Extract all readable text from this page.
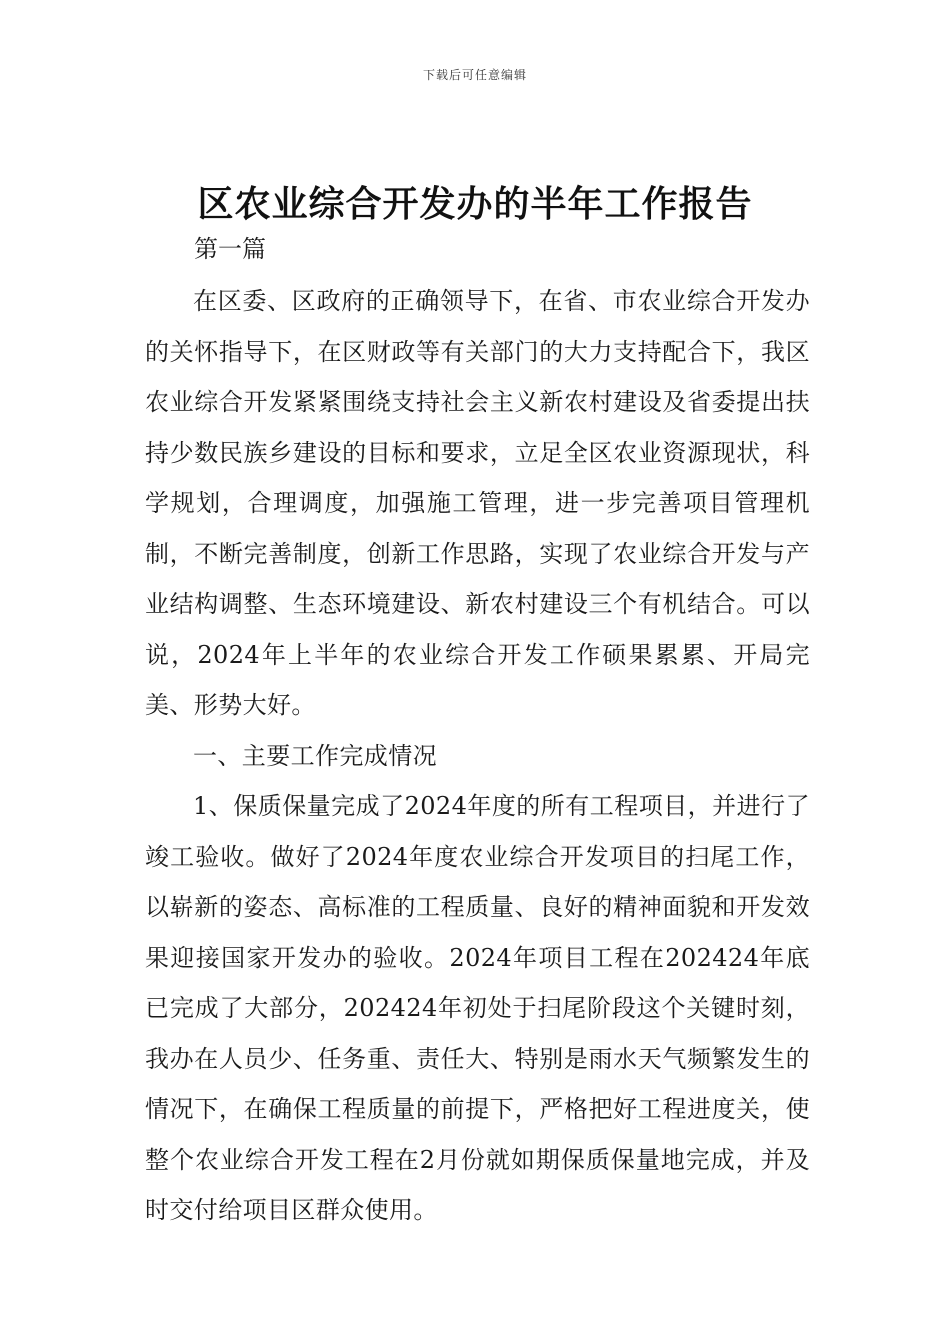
下载后可任意编辑
区农业综合开发办的半年工作报告
第一篇

在区委、区政府的正确领导下，在省、市农业综合开发办的关怀指导下，在区财政等有关部门的大力支持配合下，我区农业综合开发紧紧围绕支持社会主义新农村建设及省委提出扶持少数民族乡建设的目标和要求，立足全区农业资源现状，科学规划，合理调度，加强施工管理，进一步完善项目管理机制，不断完善制度，创新工作思路，实现了农业综合开发与产业结构调整、生态环境建设、新农村建设三个有机结合。可以说，2024年上半年的农业综合开发工作硕果累累、开局完美、形势大好。

一、主要工作完成情况

1、保质保量完成了2024年度的所有工程项目，并进行了竣工验收。做好了2024年度农业综合开发项目的扫尾工作，以崭新的姿态、高标准的工程质量、良好的精神面貌和开发效果迎接国家开发办的验收。2024年项目工程在202424年底已完成了大部分，202424年初处于扫尾阶段这个关键时刻，我办在人员少、任务重、责任大、特别是雨水天气频繁发生的情况下，在确保工程质量的前提下，严格把好工程进度关，使整个农业综合开发工程在2月份就如期保质保量地完成，并及时交付给项目区群众使用。
